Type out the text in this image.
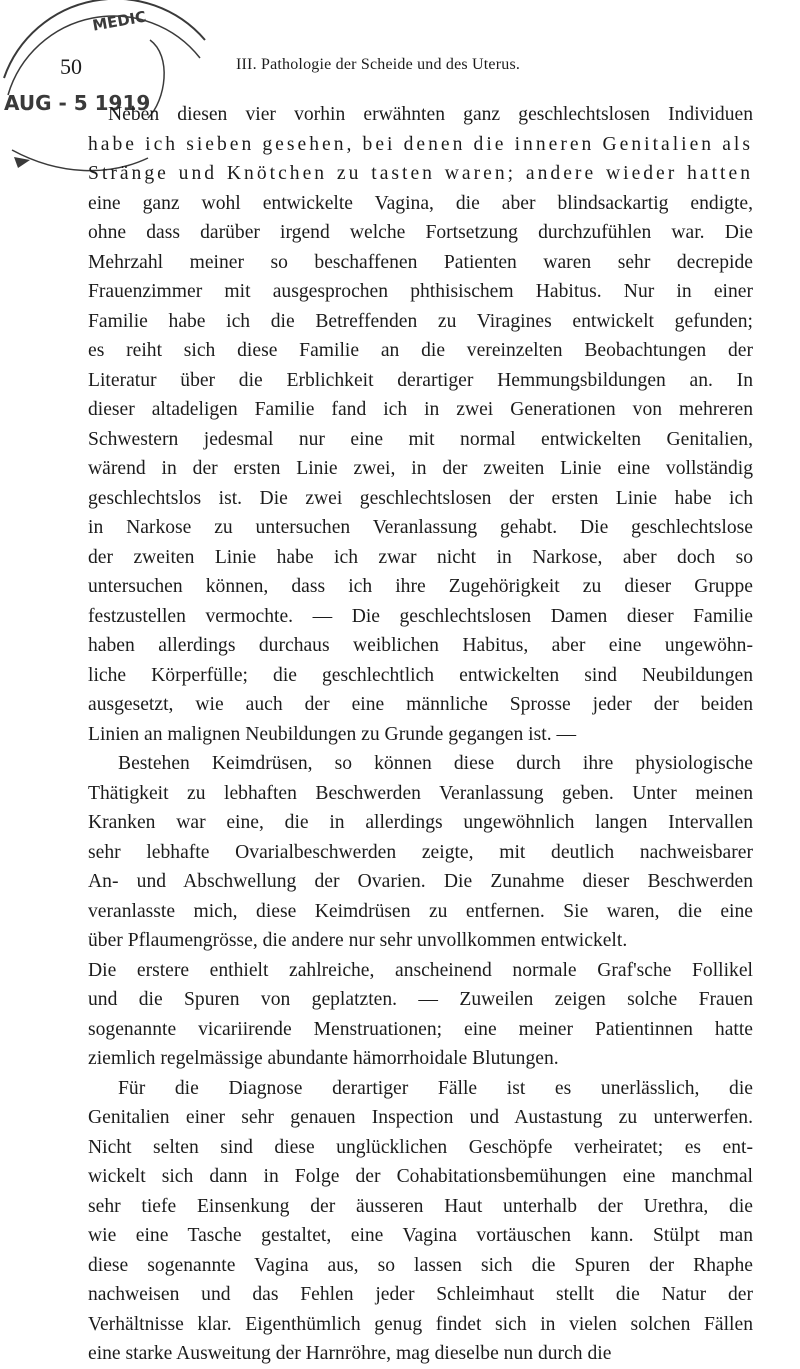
MEDIC
AUG - 5 1919
50	III. Pathologie der Scheide und des Uterus.

Neben diesen vier vorhin erwähnten ganz geschlechtslosen Individuen
habe ich sieben gesehen, bei denen die inneren Genitalien als
Stränge und Knötchen zu tasten waren; andere wieder hatten
eine ganz wohl entwickelte Vagina, die aber blindsackartig endigte,
ohne dass darüber irgend welche Fortsetzung durchzufühlen war. Die
Mehrzahl meiner so beschaffenen Patienten waren sehr decrepide
Frauenzimmer mit ausgesprochen phthisischem Habitus. Nur in einer
Familie habe ich die Betreffenden zu Viragines entwickelt gefunden;
es reiht sich diese Familie an die vereinzelten Beobachtungen der
Literatur über die Erblichkeit derartiger Hemmungsbildungen an. In
dieser altadeligen Familie fand ich in zwei Generationen von mehreren
Schwestern jedesmal nur eine mit normal entwickelten Genitalien,
wärend in der ersten Linie zwei, in der zweiten Linie eine vollständig
geschlechtslos ist. Die zwei geschlechtslosen der ersten Linie habe ich
in Narkose zu untersuchen Veranlassung gehabt. Die geschlechtslose
der zweiten Linie habe ich zwar nicht in Narkose, aber doch so
untersuchen können, dass ich ihre Zugehörigkeit zu dieser Gruppe
festzustellen vermochte. — Die geschlechtslosen Damen dieser Familie
haben allerdings durchaus weiblichen Habitus, aber eine ungewöhn-
liche Körperfülle; die geschlechtlich entwickelten sind Neubildungen
ausgesetzt, wie auch der eine männliche Sprosse jeder der beiden
Linien an malignen Neubildungen zu Grunde gegangen ist. —

Bestehen Keimdrüsen, so können diese durch ihre physiologische
Thätigkeit zu lebhaften Beschwerden Veranlassung geben. Unter meinen
Kranken war eine, die in allerdings ungewöhnlich langen Intervallen
sehr lebhafte Ovarialbeschwerden zeigte, mit deutlich nachweisbarer
An- und Abschwellung der Ovarien. Die Zunahme dieser Beschwerden
veranlasste mich, diese Keimdrüsen zu entfernen. Sie waren, die eine
über Pflaumengrösse, die andere nur sehr unvollkommen entwickelt.
Die erstere enthielt zahlreiche, anscheinend normale Graf'sche Follikel
und die Spuren von geplatzten. — Zuweilen zeigen solche Frauen
sogenannte vicariirende Menstruationen; eine meiner Patientinnen hatte
ziemlich regelmässige abundante hämorrhoidale Blutungen.

Für die Diagnose derartiger Fälle ist es unerlässlich, die
Genitalien einer sehr genauen Inspection und Austastung zu unterwerfen.
Nicht selten sind diese unglücklichen Geschöpfe verheiratet; es ent-
wickelt sich dann in Folge der Cohabitationsbemühungen eine manchmal
sehr tiefe Einsenkung der äusseren Haut unterhalb der Urethra, die
wie eine Tasche gestaltet, eine Vagina vortäuschen kann. Stülpt man
diese sogenannte Vagina aus, so lassen sich die Spuren der Rhaphe
nachweisen und das Fehlen jeder Schleimhaut stellt die Natur der
Verhältnisse klar. Eigenthümlich genug findet sich in vielen solchen Fällen
eine starke Ausweitung der Harnröhre, mag dieselbe nun durch die
